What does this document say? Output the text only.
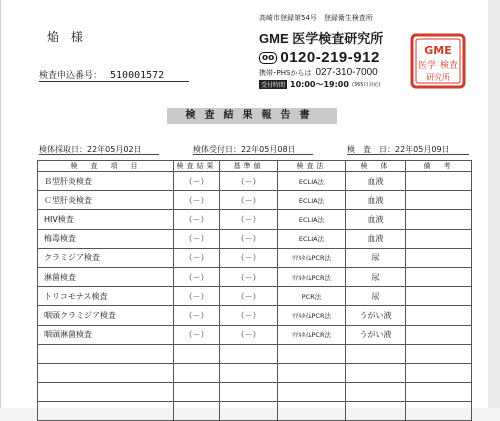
焔 様
検査申込番号： 510001572
高崎市登録第54号　登録衛生検査所
GME 医学検査研究所
oo 0120-219-912
携帯･PHSからは 027-310-7000
受付時間 10:00～19:00 (365日対応)
GME
医学 検査
研究所
検査結果報告書
検体採取日：22年05月02日	検体受付日：22年05月08日	検　査　日：22年05月09日
検　査　項　目	検査結果	基準値	検査法	検　体	備　考
Ｂ型肝炎検査	（－）	（－）	ECLIA法	血液	
Ｃ型肝炎検査	（－）	（－）	ECLIA法	血液	
HIV検査	（－）	（－）	ECLIA法	血液	
梅毒検査	（－）	（－）	ECLIA法	血液	
クラミジア検査	（－）	（－）	ﾘｱﾙﾀｲﾑPCR法	尿	
淋菌検査	（－）	（－）	ﾘｱﾙﾀｲﾑPCR法	尿	
トリコモナス検査	（－）	（－）	PCR法	尿	
咽頭クラミジア検査	（－）	（－）	ﾘｱﾙﾀｲﾑPCR法	うがい液	
咽頭淋菌検査	（－）	（－）	ﾘｱﾙﾀｲﾑPCR法	うがい液	
